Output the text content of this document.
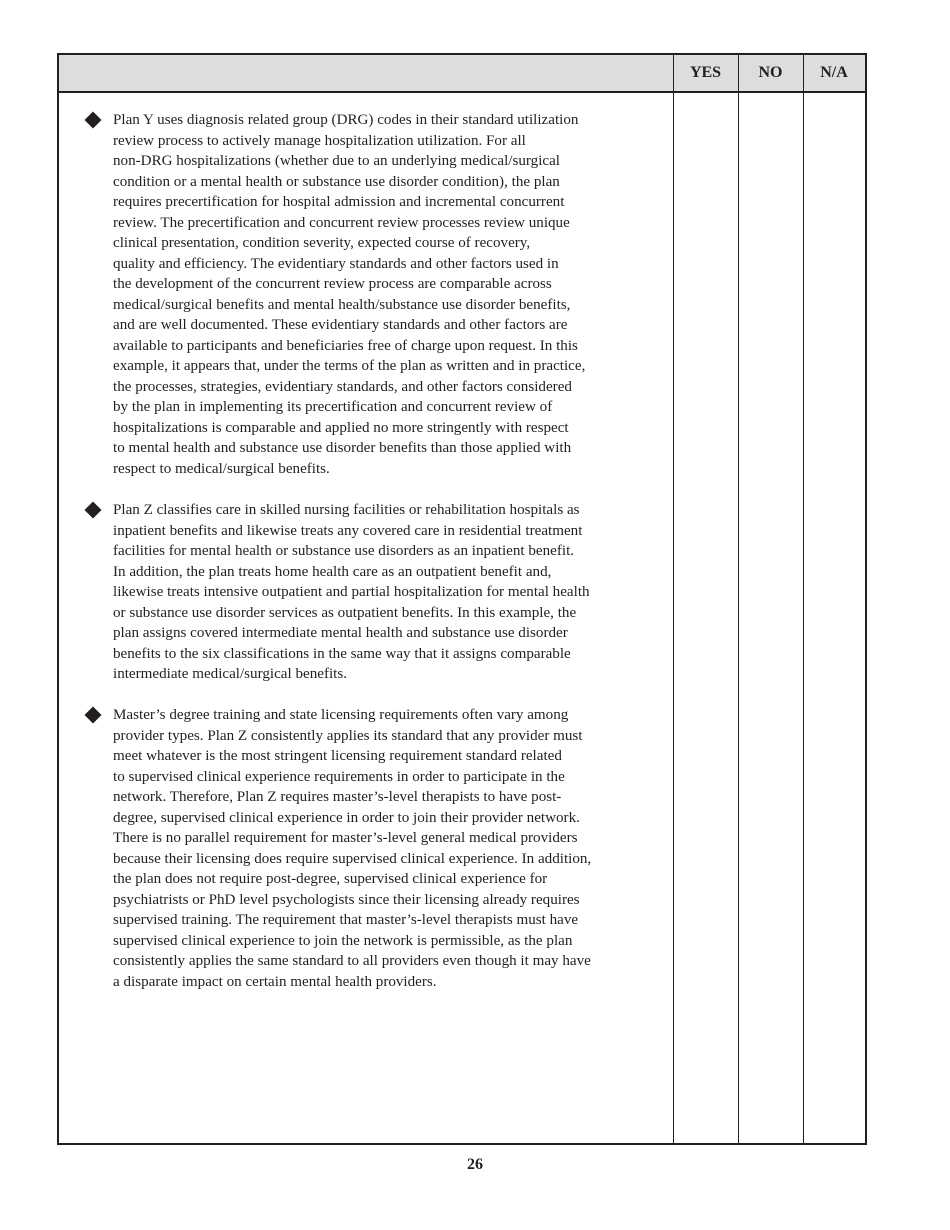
YES	NO	N/A

Plan Y uses diagnosis related group (DRG) codes in their standard utilization
review process to actively manage hospitalization utilization. For all
non-DRG hospitalizations (whether due to an underlying medical/surgical
condition or a mental health or substance use disorder condition), the plan
requires precertification for hospital admission and incremental concurrent
review. The precertification and concurrent review processes review unique
clinical presentation, condition severity, expected course of recovery,
quality and efficiency. The evidentiary standards and other factors used in
the development of the concurrent review process are comparable across
medical/surgical benefits and mental health/substance use disorder benefits,
and are well documented. These evidentiary standards and other factors are
available to participants and beneficiaries free of charge upon request. In this
example, it appears that, under the terms of the plan as written and in practice,
the processes, strategies, evidentiary standards, and other factors considered
by the plan in implementing its precertification and concurrent review of
hospitalizations is comparable and applied no more stringently with respect
to mental health and substance use disorder benefits than those applied with
respect to medical/surgical benefits.

Plan Z classifies care in skilled nursing facilities or rehabilitation hospitals as
inpatient benefits and likewise treats any covered care in residential treatment
facilities for mental health or substance use disorders as an inpatient benefit.
In addition, the plan treats home health care as an outpatient benefit and,
likewise treats intensive outpatient and partial hospitalization for mental health
or substance use disorder services as outpatient benefits. In this example, the
plan assigns covered intermediate mental health and substance use disorder
benefits to the six classifications in the same way that it assigns comparable
intermediate medical/surgical benefits.

Master’s degree training and state licensing requirements often vary among
provider types. Plan Z consistently applies its standard that any provider must
meet whatever is the most stringent licensing requirement standard related
to supervised clinical experience requirements in order to participate in the
network. Therefore, Plan Z requires master’s-level therapists to have post-
degree, supervised clinical experience in order to join their provider network.
There is no parallel requirement for master’s-level general medical providers
because their licensing does require supervised clinical experience. In addition,
the plan does not require post-degree, supervised clinical experience for
psychiatrists or PhD level psychologists since their licensing already requires
supervised training. The requirement that master’s-level therapists must have
supervised clinical experience to join the network is permissible, as the plan
consistently applies the same standard to all providers even though it may have
a disparate impact on certain mental health providers.

26
